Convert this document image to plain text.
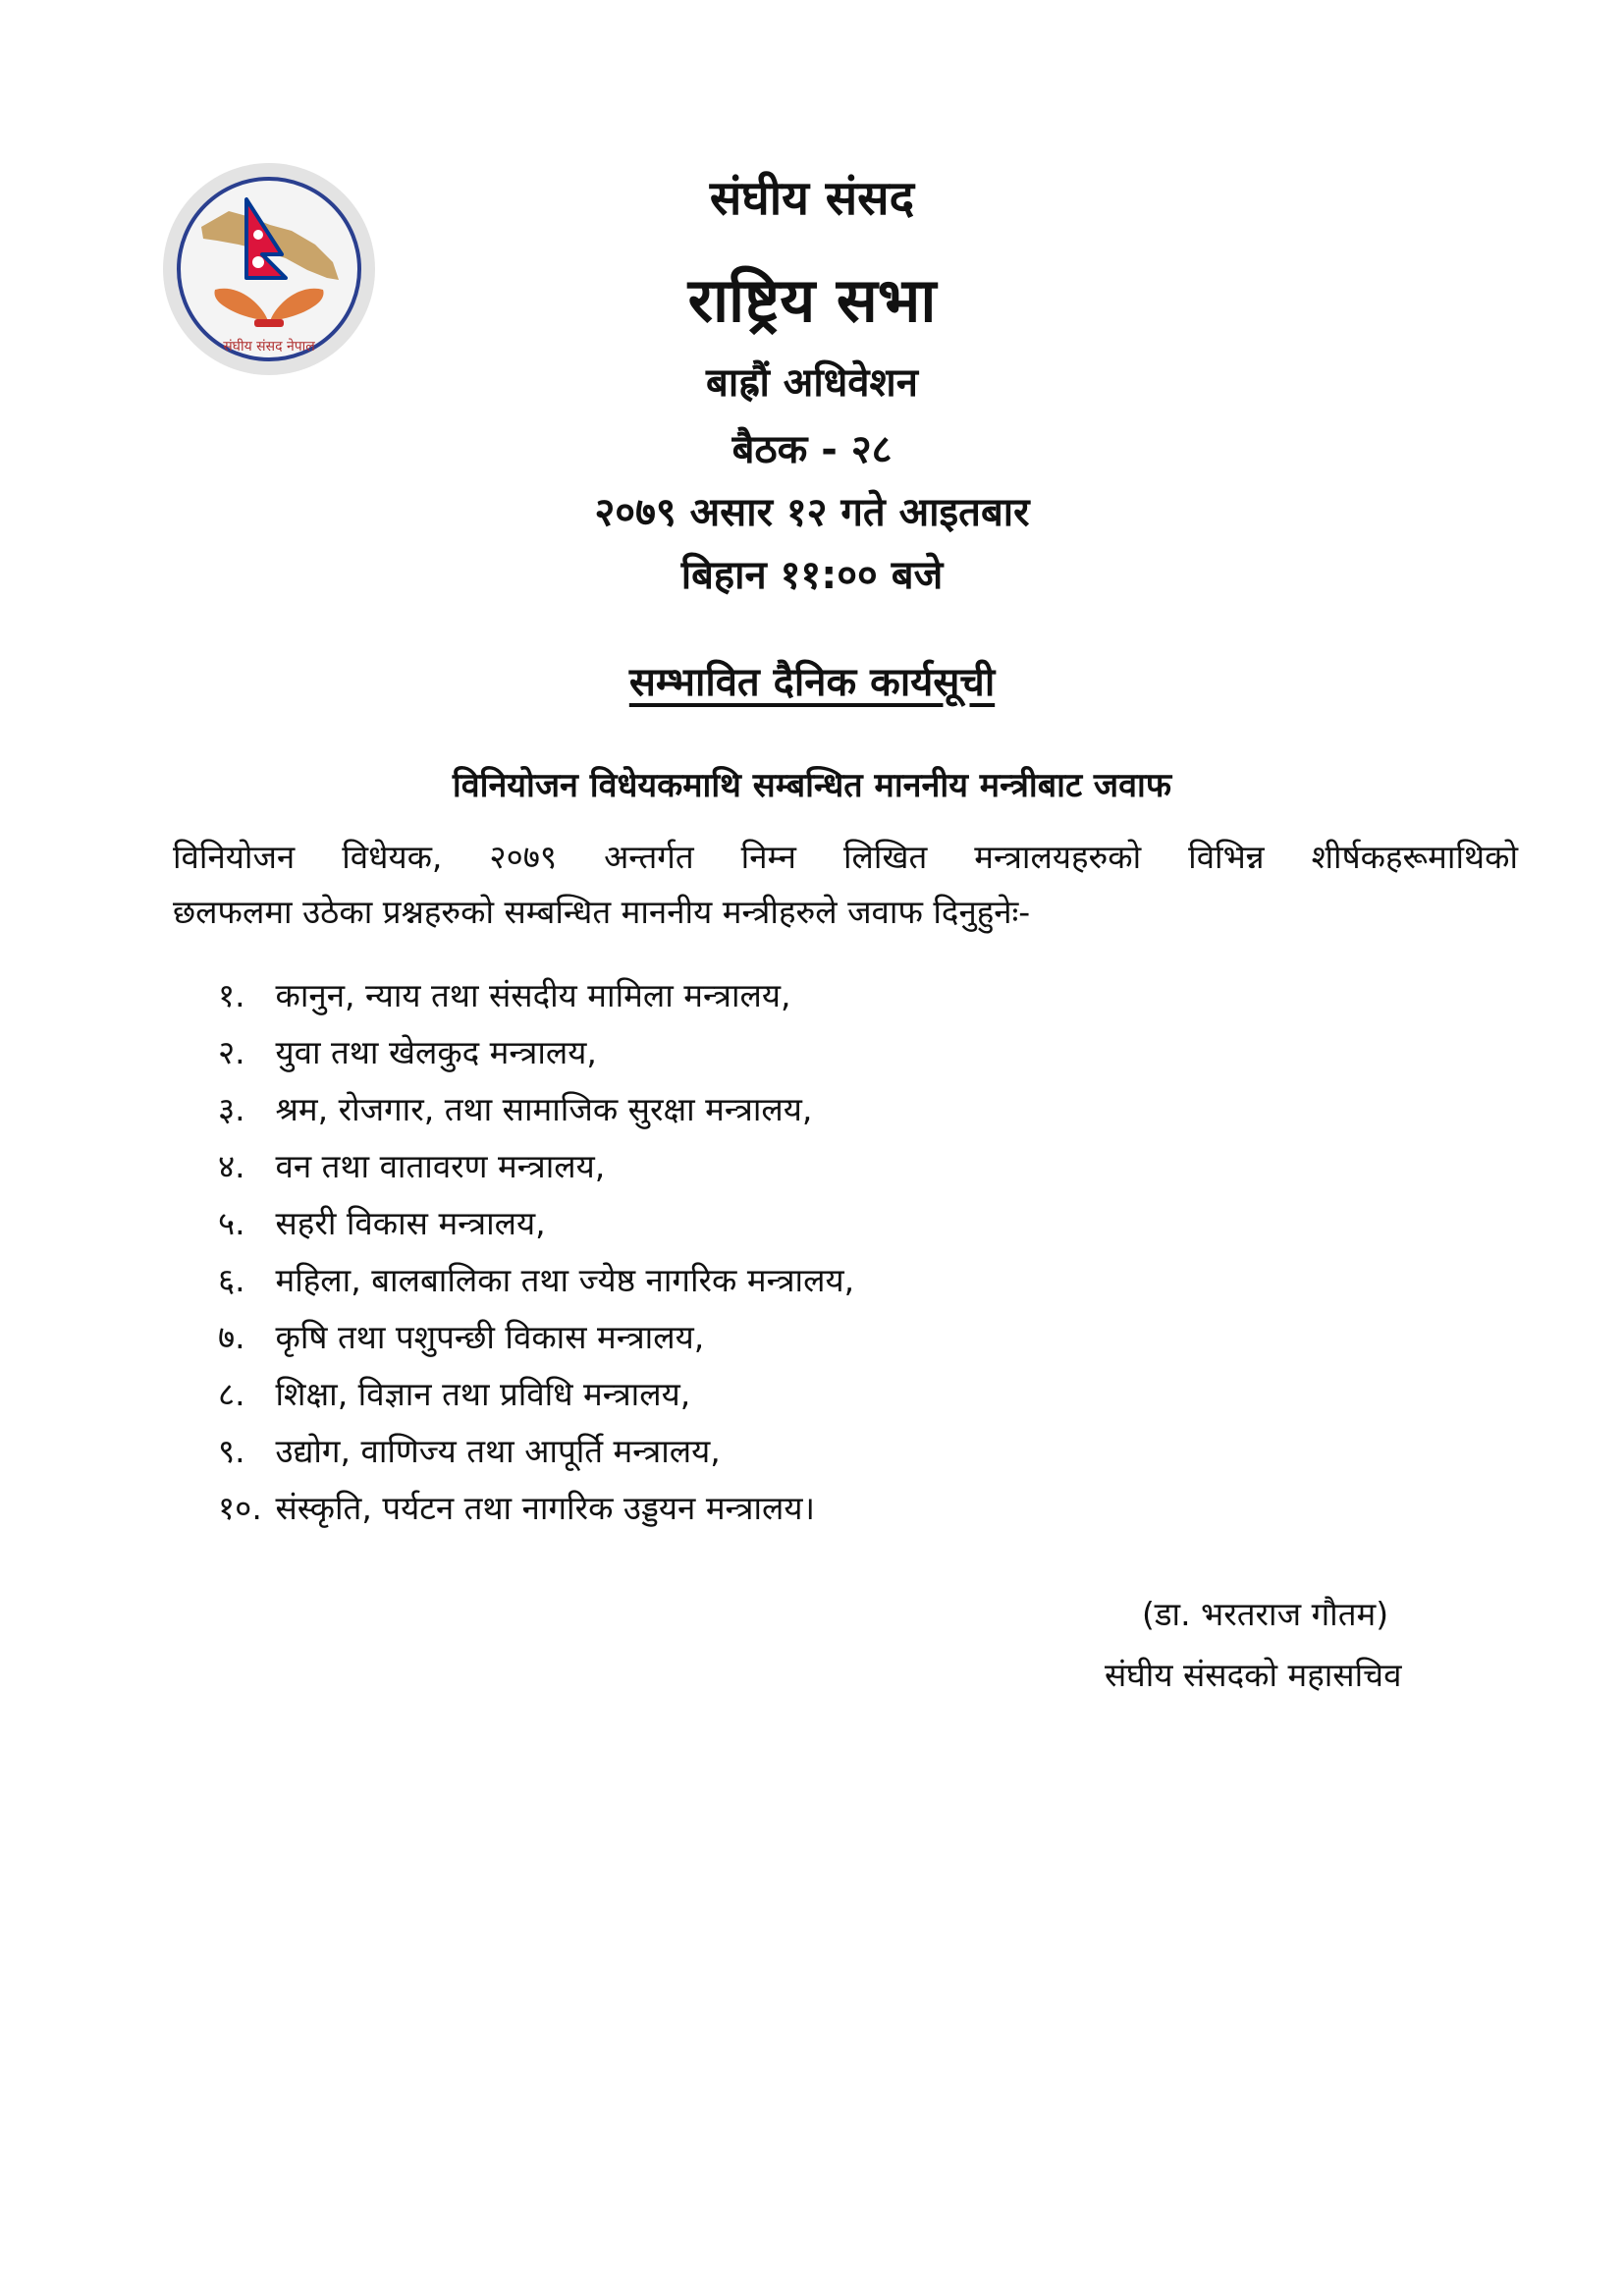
संघीय संसद नेपाल
संघीय संसद
राष्ट्रिय सभा
बाह्रौं अधिवेशन
बैठक - २८
२०७९ असार १२ गते आइतबार
बिहान ११:०० बजे
सम्भावित दैनिक कार्यसूची
विनियोजन विधेयकमाथि सम्बन्धित माननीय मन्त्रीबाट जवाफ
विनियोजन विधेयक, २०७९ अन्तर्गत निम्न लिखित मन्त्रालयहरुको विभिन्न शीर्षकहरूमाथिको
छलफलमा उठेका प्रश्नहरुको सम्बन्धित माननीय मन्त्रीहरुले जवाफ दिनुहुनेः-
१. कानुन, न्याय तथा संसदीय मामिला मन्त्रालय,
२. युवा तथा खेलकुद मन्त्रालय,
३. श्रम, रोजगार, तथा सामाजिक सुरक्षा मन्त्रालय,
४. वन तथा वातावरण मन्त्रालय,
५. सहरी विकास मन्त्रालय,
६. महिला, बालबालिका तथा ज्येष्ठ नागरिक मन्त्रालय,
७. कृषि तथा पशुपन्छी विकास मन्त्रालय,
८. शिक्षा, विज्ञान तथा प्रविधि मन्त्रालय,
९. उद्योग, वाणिज्य तथा आपूर्ति मन्त्रालय,
१०. संस्कृति, पर्यटन तथा नागरिक उड्डयन मन्त्रालय।
(डा. भरतराज गौतम)
संघीय संसदको महासचिव
